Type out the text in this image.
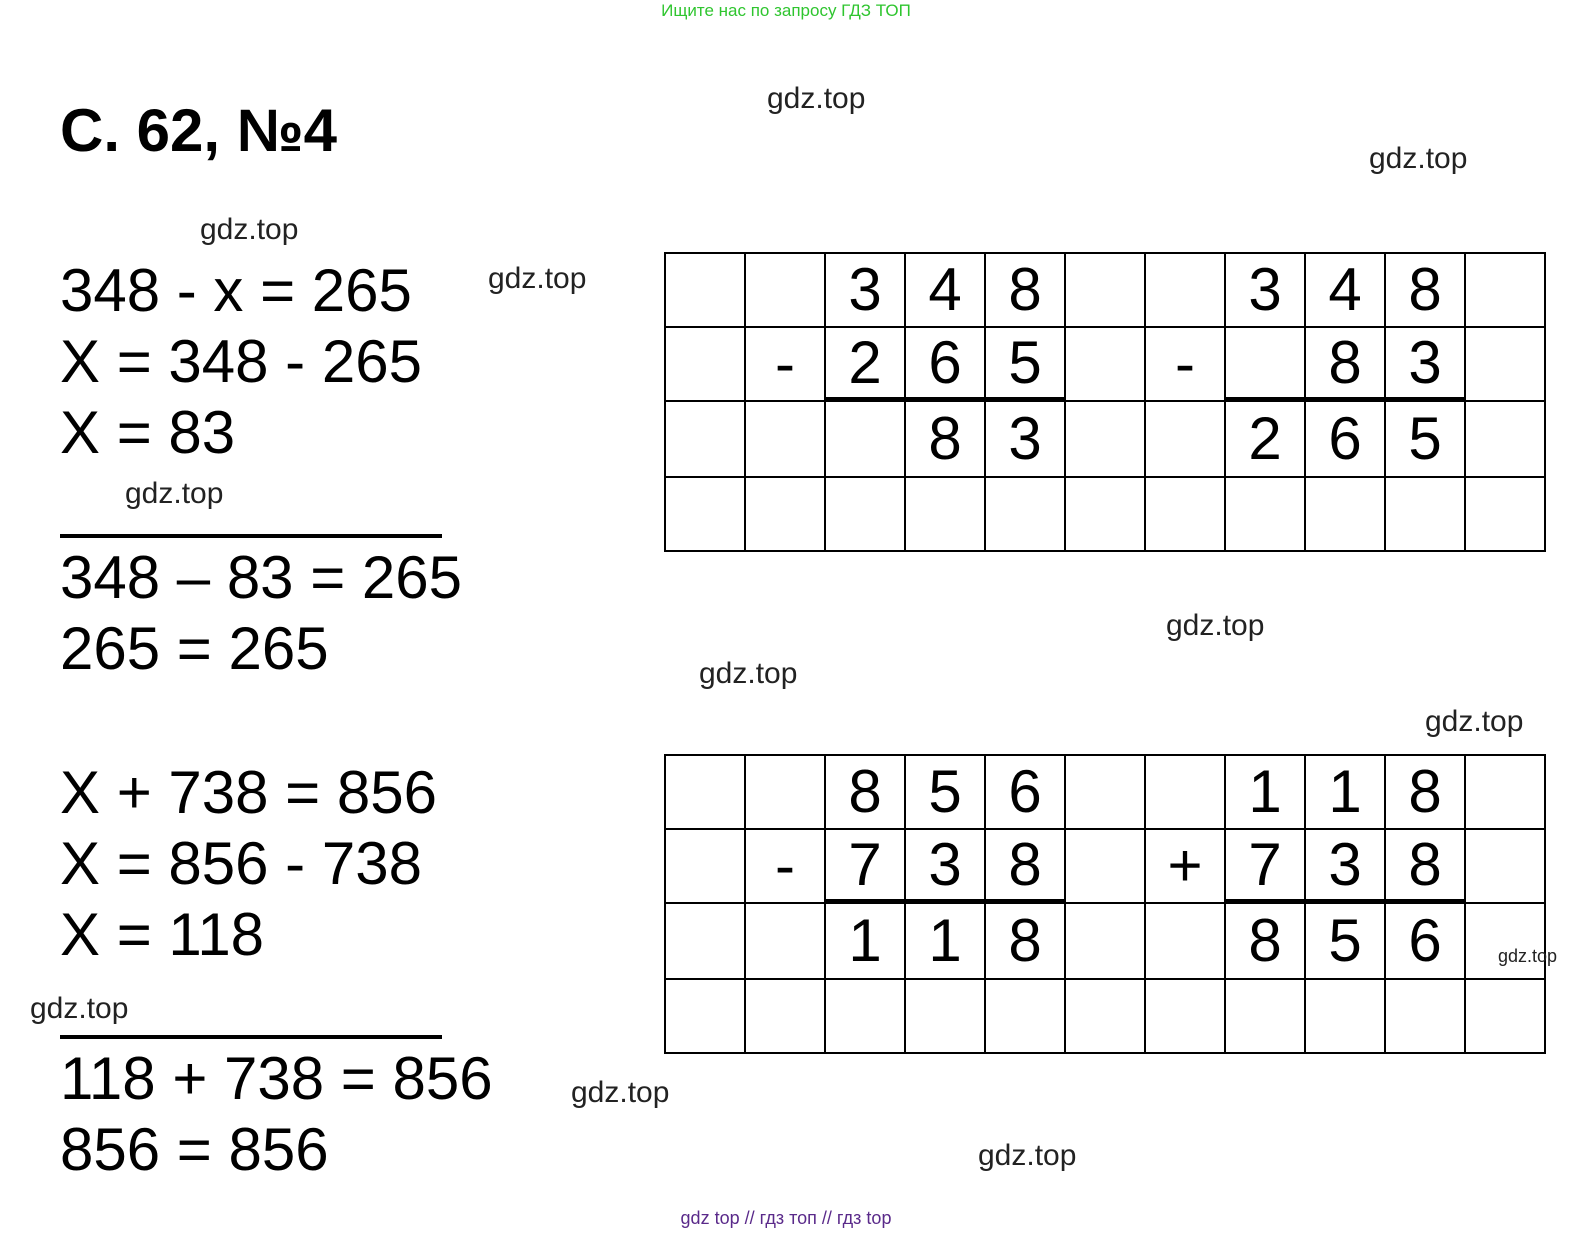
Ищите нас по запросу ГДЗ ТОП
С. 62, №4
348 - x = 265
X = 348 - 265
X = 83
348 – 83 = 265
265 = 265
X + 738 = 856
X = 856 - 738
X = 118
118 + 738 = 856
856 = 856
3 4 8	3 4 8
- 2 6 5	-	8 3
8 3	2 6 5
8 5 6	1 1 8
- 7 3 8	+ 7 3 8
1 1 8	8 5 6
gdz.top
gdz.top
gdz.top
gdz.top
gdz.top
gdz.top
gdz.top
gdz.top
gdz.top
gdz.top
gdz.top
gdz.top
gdz top // гдз топ // гдз top
